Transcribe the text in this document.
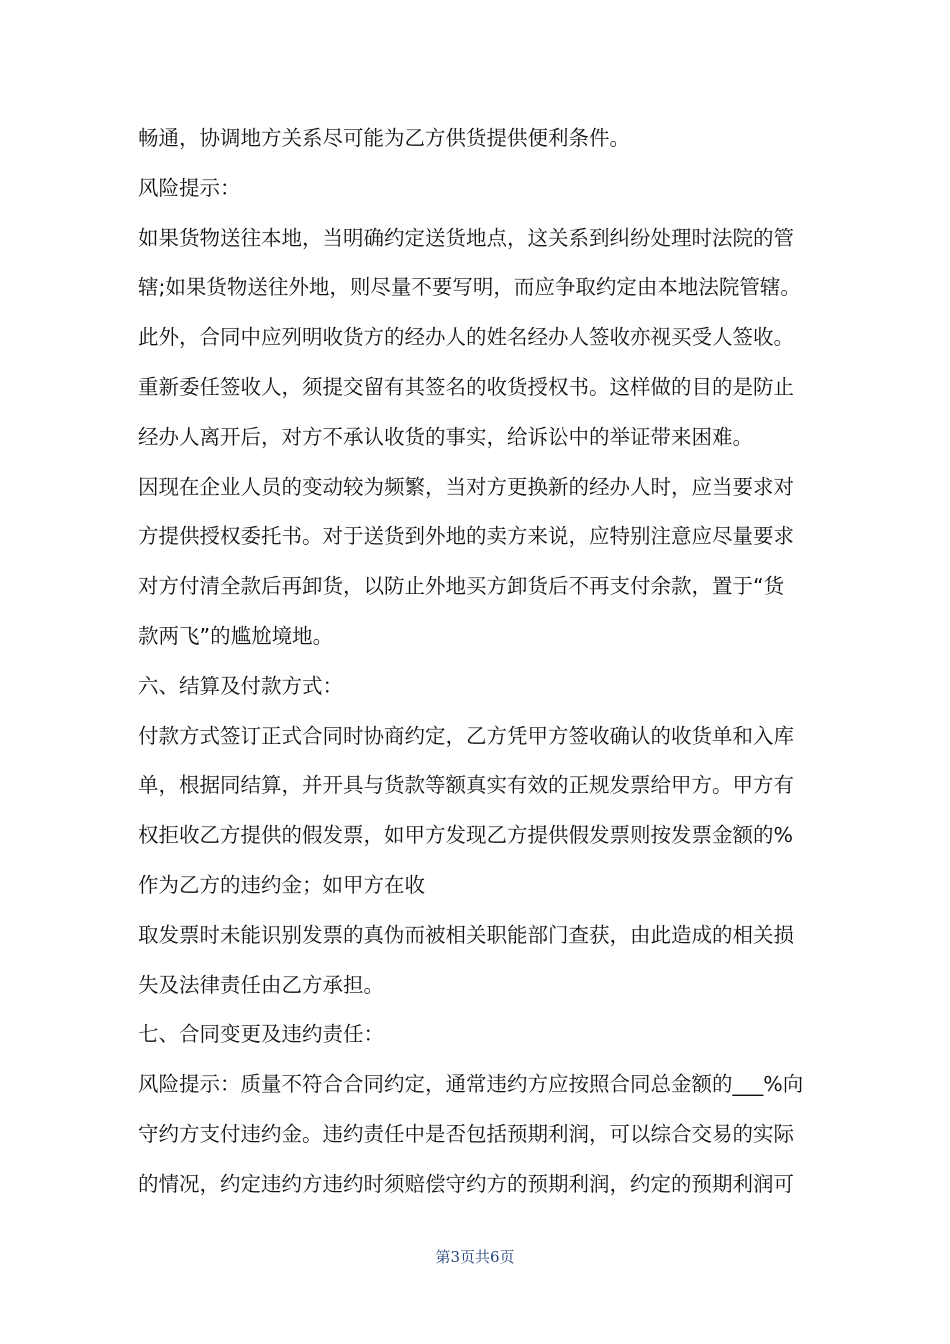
畅通，协调地方关系尽可能为乙方供货提供便利条件。
风险提示：
如果货物送往本地，当明确约定送货地点，这关系到纠纷处理时法院的管
辖;如果货物送往外地，则尽量不要写明，而应争取约定由本地法院管辖。
此外，合同中应列明收货方的经办人的姓名经办人签收亦视买受人签收。
重新委任签收人，须提交留有其签名的收货授权书。这样做的目的是防止
经办人离开后，对方不承认收货的事实，给诉讼中的举证带来困难。
因现在企业人员的变动较为频繁，当对方更换新的经办人时，应当要求对
方提供授权委托书。对于送货到外地的卖方来说，应特别注意应尽量要求
对方付清全款后再卸货，以防止外地买方卸货后不再支付余款，置于“货
款两飞”的尴尬境地。
六、结算及付款方式：
付款方式签订正式合同时协商约定，乙方凭甲方签收确认的收货单和入库
单，根据同结算，并开具与货款等额真实有效的正规发票给甲方。甲方有
权拒收乙方提供的假发票，如甲方发现乙方提供假发票则按发票金额的%
作为乙方的违约金；如甲方在收
取发票时未能识别发票的真伪而被相关职能部门查获，由此造成的相关损
失及法律责任由乙方承担。
七、合同变更及违约责任：
风险提示：质量不符合合同约定，通常违约方应按照合同总金额的___%向
守约方支付违约金。违约责任中是否包括预期利润，可以综合交易的实际
的情况，约定违约方违约时须赔偿守约方的预期利润，约定的预期利润可
第3页共6页
